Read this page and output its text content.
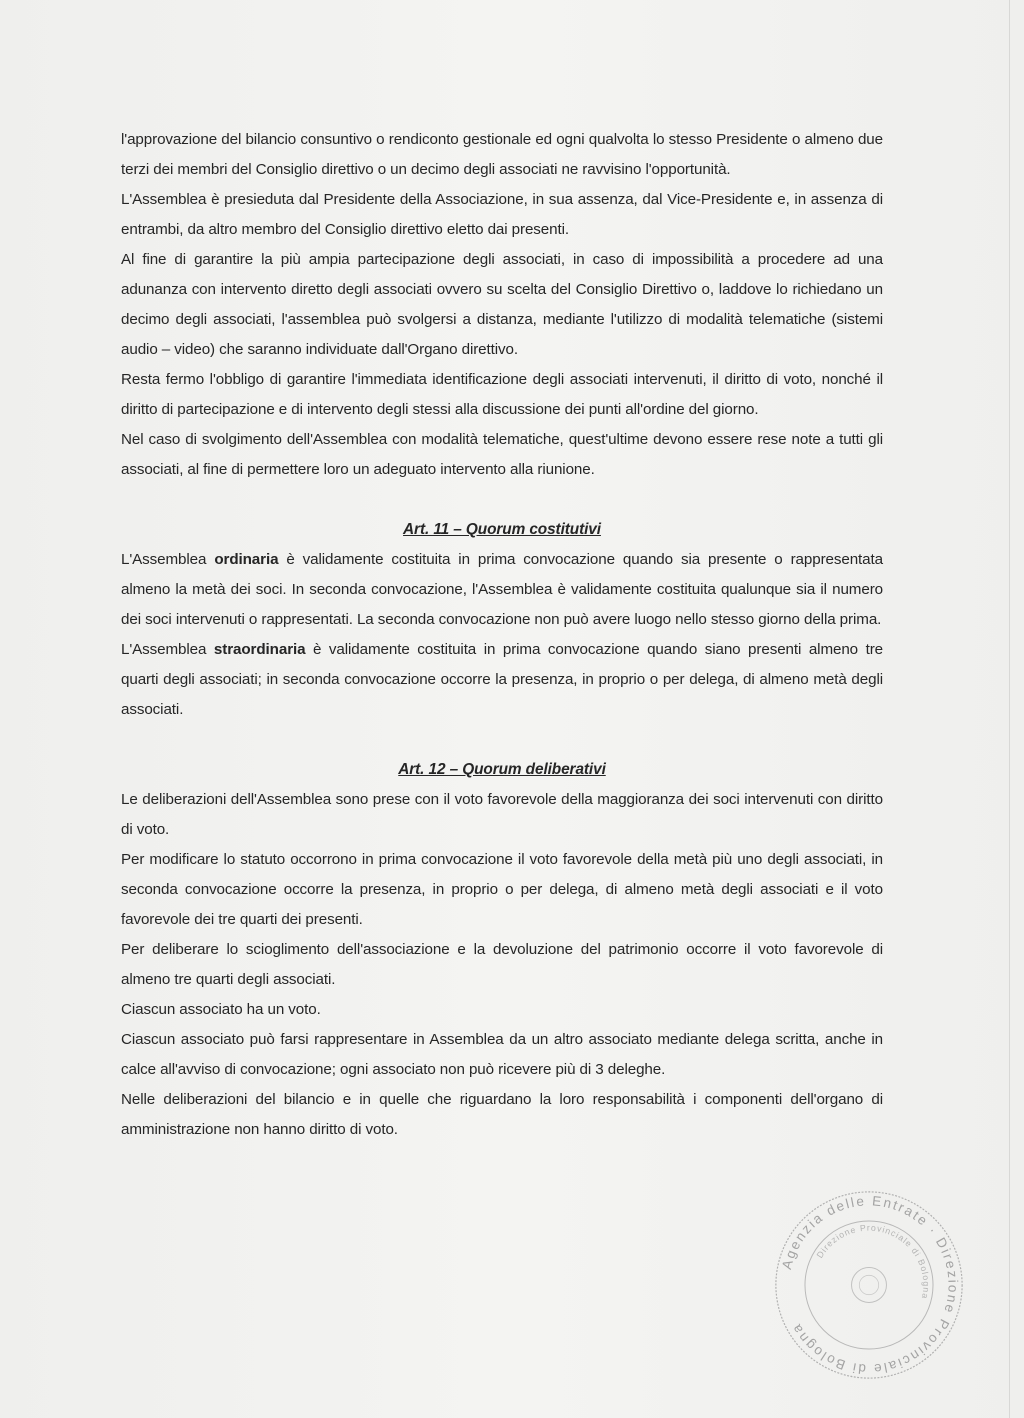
l'approvazione del bilancio consuntivo o rendiconto gestionale ed ogni qualvolta lo stesso Presidente o almeno due terzi dei membri del Consiglio direttivo o un decimo degli associati ne ravvisino l'opportunità.

L'Assemblea è presieduta dal Presidente della Associazione, in sua assenza, dal Vice-Presidente e, in assenza di entrambi, da altro membro del Consiglio direttivo eletto dai presenti.

Al fine di garantire la più ampia partecipazione degli associati, in caso di impossibilità a procedere ad una adunanza con intervento diretto degli associati ovvero su scelta del Consiglio Direttivo o, laddove lo richiedano un decimo degli associati, l'assemblea può svolgersi a distanza, mediante l'utilizzo di modalità telematiche (sistemi audio – video) che saranno individuate dall'Organo direttivo.

Resta fermo l'obbligo di garantire l'immediata identificazione degli associati intervenuti, il diritto di voto, nonché il diritto di partecipazione e di intervento degli stessi alla discussione dei punti all'ordine del giorno.

Nel caso di svolgimento dell'Assemblea con modalità telematiche, quest'ultime devono essere rese note a tutti gli associati, al fine di permettere loro un adeguato intervento alla riunione.

Art. 11 – Quorum costitutivi

L'Assemblea ordinaria è validamente costituita in prima convocazione quando sia presente o rappresentata almeno la metà dei soci. In seconda convocazione, l'Assemblea è validamente costituita qualunque sia il numero dei soci intervenuti o rappresentati. La seconda convocazione non può avere luogo nello stesso giorno della prima.

L'Assemblea straordinaria è validamente costituita in prima convocazione quando siano presenti almeno tre quarti degli associati; in seconda convocazione occorre la presenza, in proprio o per delega, di almeno metà degli associati.

Art. 12 – Quorum deliberativi

Le deliberazioni dell'Assemblea sono prese con il voto favorevole della maggioranza dei soci intervenuti con diritto di voto.

Per modificare lo statuto occorrono in prima convocazione il voto favorevole della metà più uno degli associati, in seconda convocazione occorre la presenza, in proprio o per delega, di almeno metà degli associati e il voto favorevole dei tre quarti dei presenti.

Per deliberare lo scioglimento dell'associazione e la devoluzione del patrimonio occorre il voto favorevole di almeno tre quarti degli associati.

Ciascun associato ha un voto.

Ciascun associato può farsi rappresentare in Assemblea da un altro associato mediante delega scritta, anche in calce all'avviso di convocazione; ogni associato non può ricevere più di 3 deleghe.

Nelle deliberazioni del bilancio e in quelle che riguardano la loro responsabilità i componenti dell'organo di amministrazione non hanno diritto di voto.

Agenzia delle Entrate · Direzione Provinciale di Bologna
Direzione Provinciale di Bologna
